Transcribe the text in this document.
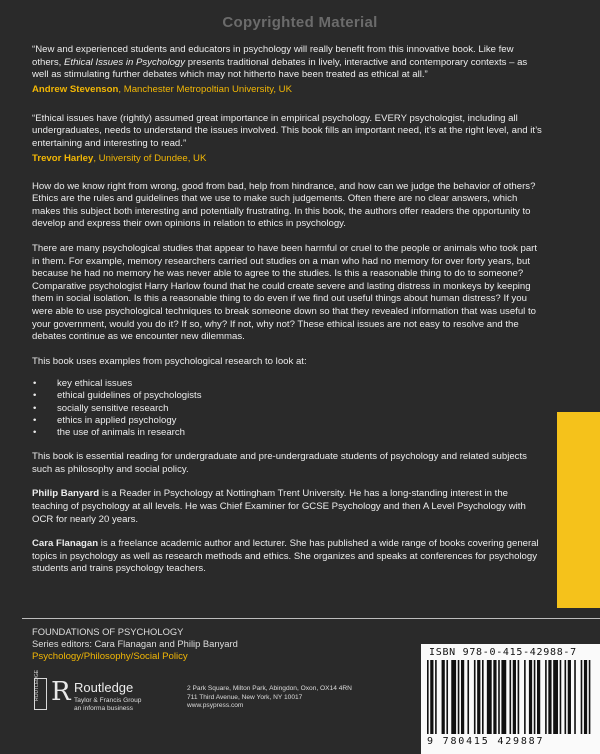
Copyrighted Material

“New and experienced students and educators in psychology will really benefit from this innovative book. Like few others, Ethical Issues in Psychology presents traditional debates in lively, interactive and contemporary contexts – as well as stimulating further debates which may not hitherto have been treated as ethical at all.”

Andrew Stevenson, Manchester Metropoltian University, UK

“Ethical issues have (rightly) assumed great importance in empirical psychology. EVERY psychologist, including all undergraduates, needs to understand the issues involved. This book fills an important need, it’s at the right level, and it’s entertaining and interesting to read.”

Trevor Harley, University of Dundee, UK

How do we know right from wrong, good from bad, help from hindrance, and how can we judge the behavior of others? Ethics are the rules and guidelines that we use to make such judgements. Often there are no clear answers, which makes this subject both interesting and potentially frustrating. In this book, the authors offer readers the opportunity to develop and express their own opinions in relation to ethics in psychology.

There are many psychological studies that appear to have been harmful or cruel to the people or animals who took part in them. For example, memory researchers carried out studies on a man who had no memory for over forty years, but because he had no memory he was never able to agree to the studies. Is this a reasonable thing to do to someone? Comparative psychologist Harry Harlow found that he could create severe and lasting distress in monkeys by keeping them in social isolation. Is this a reasonable thing to do even if we find out useful things about human distress? If you were able to use psychological techniques to break someone down so that they revealed information that was useful to your government, would you do it? If so, why? If not, why not? These ethical issues are not easy to resolve and the debates continue as we encounter new dilemmas.

This book uses examples from psychological research to look at:

• key ethical issues
• ethical guidelines of psychologists
• socially sensitive research
• ethics in applied psychology
• the use of animals in research

This book is essential reading for undergraduate and pre-undergraduate students of psychology and related subjects such as philosophy and social policy.

Philip Banyard is a Reader in Psychology at Nottingham Trent University. He has a long-standing interest in the teaching of psychology at all levels. He was Chief Examiner for GCSE Psychology and then A Level Psychology with OCR for nearly 20 years.

Cara Flanagan is a freelance academic author and lecturer. She has published a wide range of books covering general topics in psychology as well as research methods and ethics. She organizes and speaks at conferences for psychology students and trains psychology teachers.

FOUNDATIONS OF PSYCHOLOGY
Series editors: Cara Flanagan and Philip Banyard
Psychology/Philosophy/Social Policy
ROUTLEDGE R Routledge
Taylor & Francis Group
an informa business
2 Park Square, Milton Park, Abingdon, Oxon, OX14 4RN
711 Third Avenue, New York, NY 10017
www.psypress.com
ISBN 978-0-415-42988-7
9 780415 429887
